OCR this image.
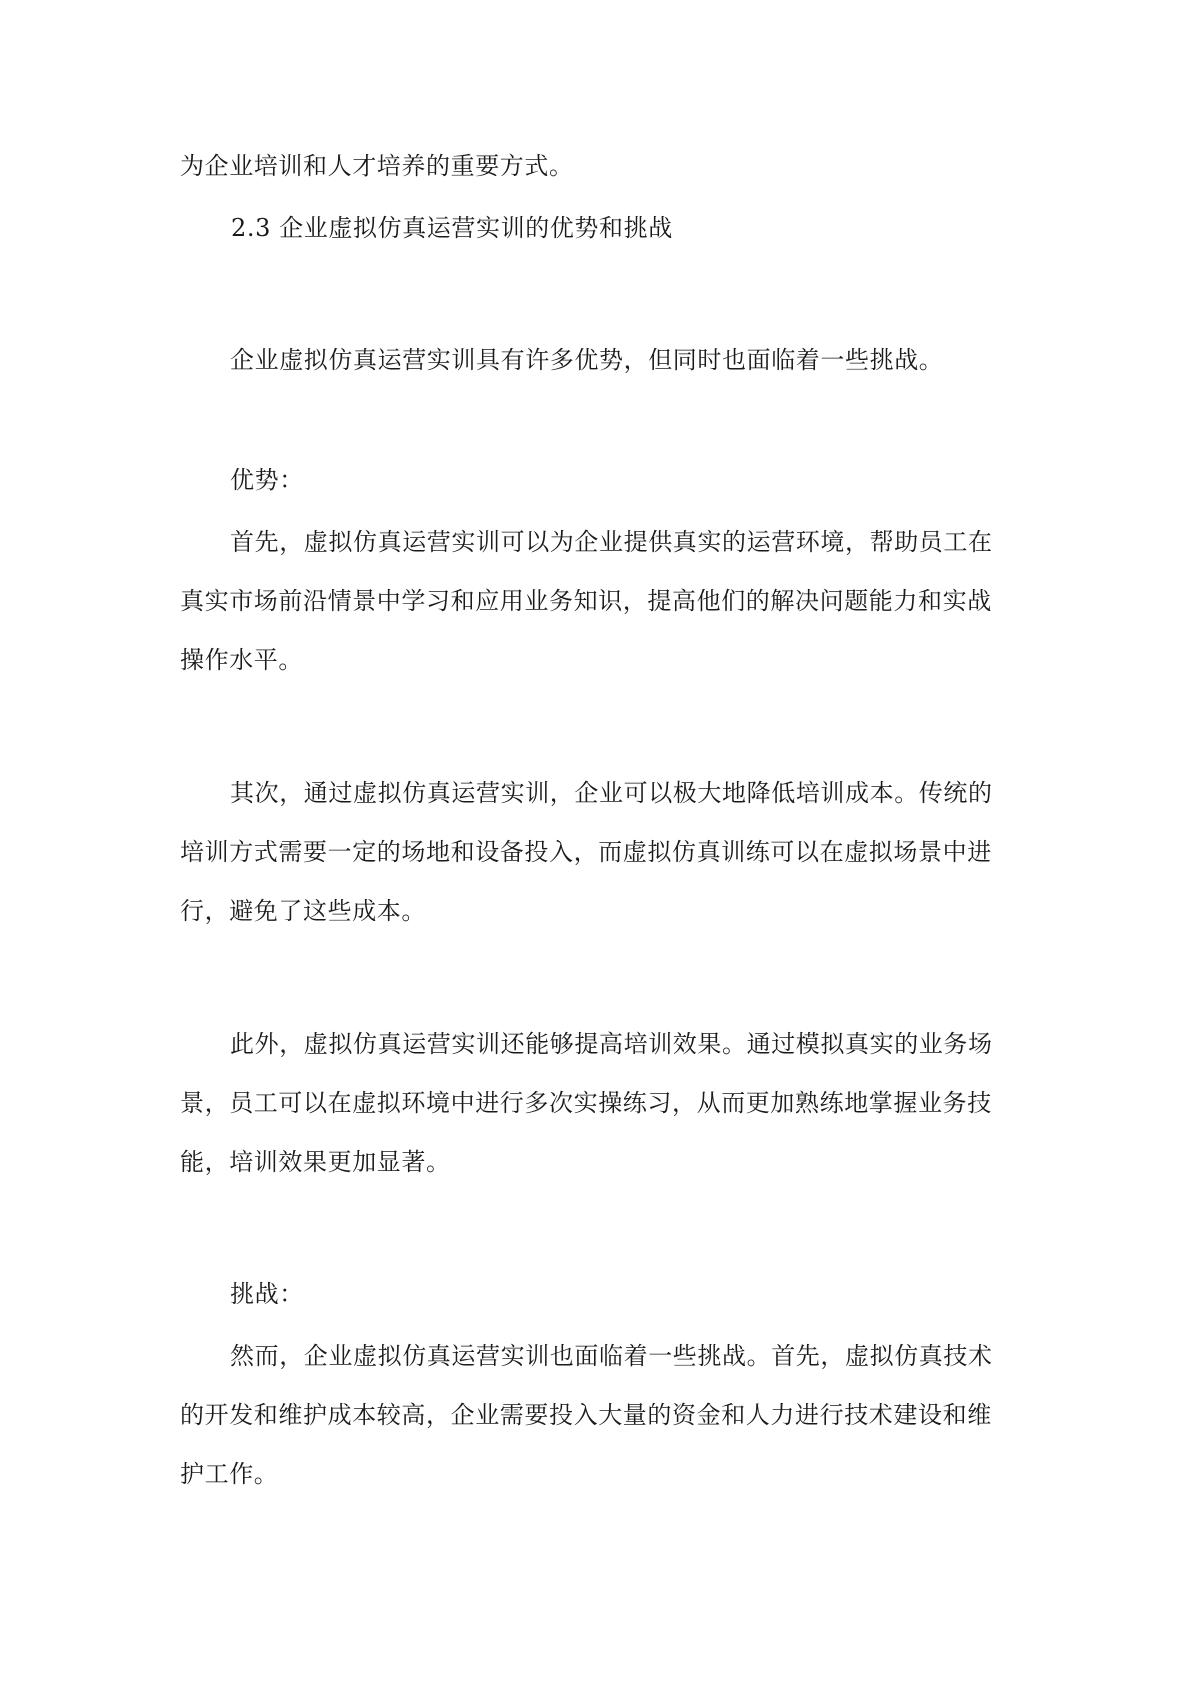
为企业培训和人才培养的重要方式。

2.3 企业虚拟仿真运营实训的优势和挑战

企业虚拟仿真运营实训具有许多优势，但同时也面临着一些挑战。

优势：

首先，虚拟仿真运营实训可以为企业提供真实的运营环境，帮助员工在真实市场前沿情景中学习和应用业务知识，提高他们的解决问题能力和实战操作水平。

其次，通过虚拟仿真运营实训，企业可以极大地降低培训成本。传统的培训方式需要一定的场地和设备投入，而虚拟仿真训练可以在虚拟场景中进行，避免了这些成本。

此外，虚拟仿真运营实训还能够提高培训效果。通过模拟真实的业务场景，员工可以在虚拟环境中进行多次实操练习，从而更加熟练地掌握业务技能，培训效果更加显著。

挑战：

然而，企业虚拟仿真运营实训也面临着一些挑战。首先，虚拟仿真技术的开发和维护成本较高，企业需要投入大量的资金和人力进行技术建设和维护工作。
